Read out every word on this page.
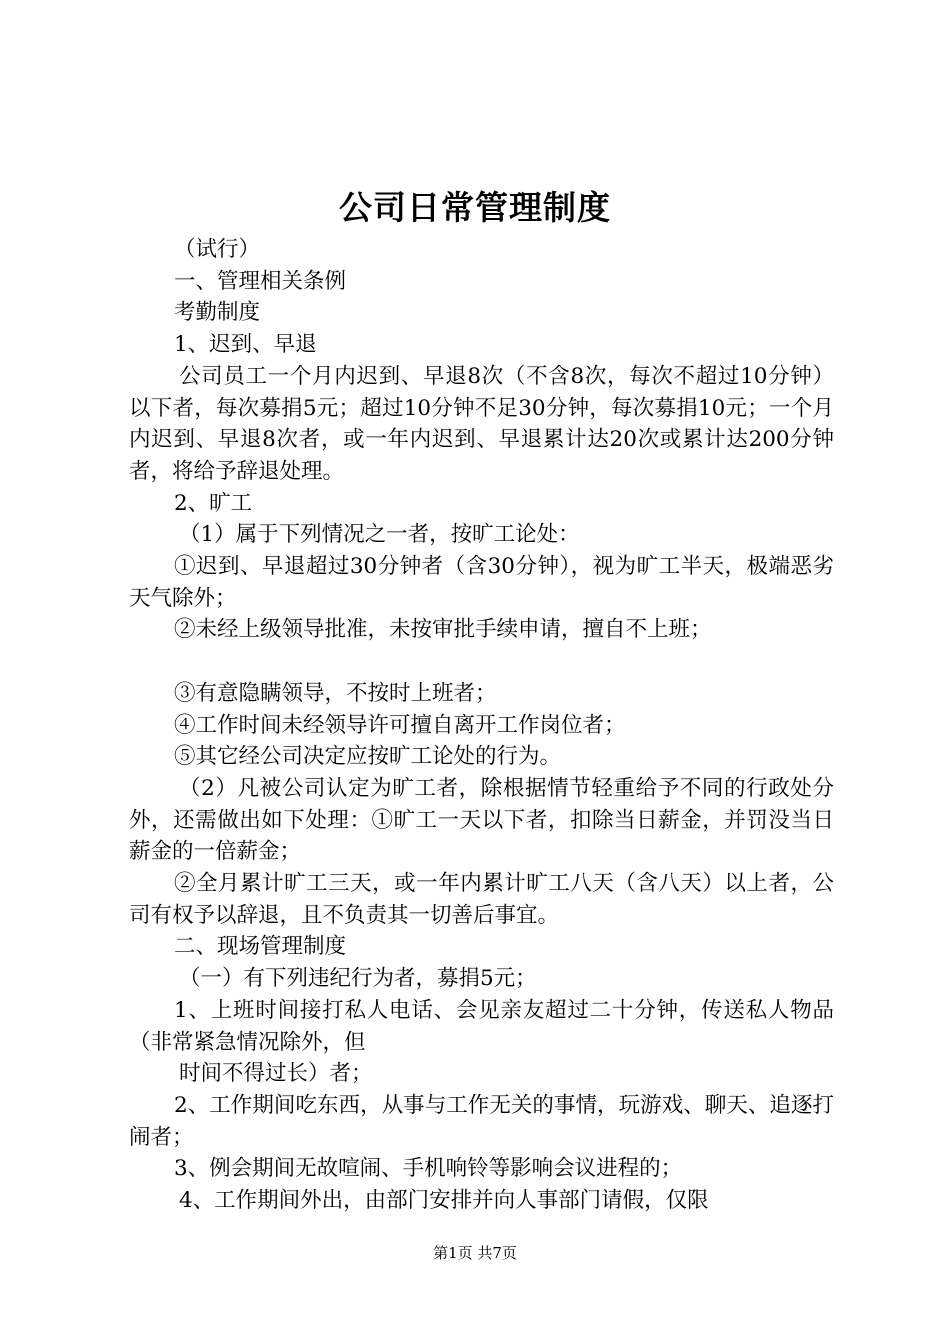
公司日常管理制度

（试行）

一、管理相关条例

考勤制度

1、迟到、早退

公司员工一个月内迟到、早退8次（不含8次，每次不超过10分钟）以下者，每次募捐5元；超过10分钟不足30分钟，每次募捐10元；一个月内迟到、早退8次者，或一年内迟到、早退累计达20次或累计达200分钟者，将给予辞退处理。

2、旷工

（1）属于下列情况之一者，按旷工论处：

①迟到、早退超过30分钟者（含30分钟），视为旷工半天，极端恶劣天气除外；

②未经上级领导批准，未按审批手续申请，擅自不上班；

③有意隐瞒领导，不按时上班者；

④工作时间未经领导许可擅自离开工作岗位者；

⑤其它经公司决定应按旷工论处的行为。

（2）凡被公司认定为旷工者，除根据情节轻重给予不同的行政处分外，还需做出如下处理：①旷工一天以下者，扣除当日薪金，并罚没当日薪金的一倍薪金；

②全月累计旷工三天，或一年内累计旷工八天（含八天）以上者，公司有权予以辞退，且不负责其一切善后事宜。

二、现场管理制度

（一）有下列违纪行为者，募捐5元；

1、上班时间接打私人电话、会见亲友超过二十分钟，传送私人物品（非常紧急情况除外，但

时间不得过长）者；

2、工作期间吃东西，从事与工作无关的事情，玩游戏、聊天、追逐打闹者；

3、例会期间无故喧闹、手机响铃等影响会议进程的；

4、工作期间外出，由部门安排并向人事部门请假，仅限

第1页 共7页
